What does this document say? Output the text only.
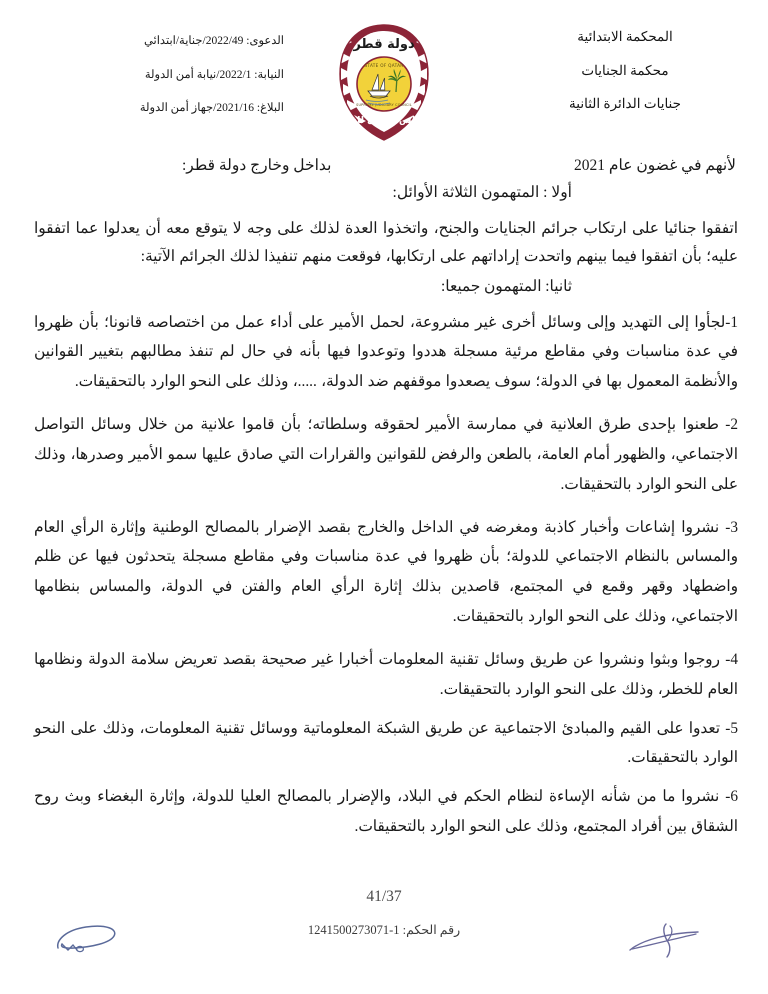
المحكمة الابتدائية
محكمة الجنايات
جنايات الدائرة الثانية
دولة قطر
STATE OF QATAR
SUPREME JUDICIARY COUNCIL
المجلس الأعلى للقضاء
الدعوى: 2022/49/جناية/ابتدائي
النيابة: 2022/1/نيابة أمن الدولة
البلاغ: 2021/16/جهاز أمن الدولة
لأنهم في غضون عام 2021
بداخل وخارج دولة قطر:
أولا : المتهمون الثلاثة الأوائل:
اتفقوا جنائيا على ارتكاب جرائم الجنايات والجنح، واتخذوا العدة لذلك على وجه لا يتوقع معه أن يعدلوا عما اتفقوا عليه؛ بأن اتفقوا فيما بينهم واتحدت إراداتهم على ارتكابها، فوقعت منهم تنفيذا لذلك الجرائم الآتية:
ثانيا: المتهمون جميعا:
1-لجأوا إلى التهديد وإلى وسائل أخرى غير مشروعة، لحمل الأمير على أداء عمل من اختصاصه قانونا؛ بأن ظهروا في عدة مناسبات وفي مقاطع مرئية مسجلة هددوا وتوعدوا فيها بأنه في حال لم تنفذ مطالبهم بتغيير القوانين والأنظمة المعمول بها في الدولة؛ سوف يصعدوا موقفهم ضد الدولة، .....، وذلك على النحو الوارد بالتحقيقات.
2- طعنوا بإحدى طرق العلانية في ممارسة الأمير لحقوقه وسلطاته؛ بأن قاموا علانية من خلال وسائل التواصل الاجتماعي، والظهور أمام العامة، بالطعن والرفض للقوانين والقرارات التي صادق عليها سمو الأمير وصدرها، وذلك على النحو الوارد بالتحقيقات.
3- نشروا إشاعات وأخبار كاذبة ومغرضه في الداخل والخارج بقصد الإضرار بالمصالح الوطنية وإثارة الرأي العام والمساس بالنظام الاجتماعي للدولة؛ بأن ظهروا في عدة مناسبات وفي مقاطع مسجلة يتحدثون فيها عن ظلم واضطهاد وقهر وقمع في المجتمع، قاصدين بذلك إثارة الرأي العام والفتن في الدولة، والمساس بنظامها الاجتماعي، وذلك على النحو الوارد بالتحقيقات.
4- روجوا وبثوا ونشروا عن طريق وسائل تقنية المعلومات أخبارا غير صحيحة بقصد تعريض سلامة الدولة ونظامها العام للخطر، وذلك على النحو الوارد بالتحقيقات.
5- تعدوا على القيم والمبادئ الاجتماعية عن طريق الشبكة المعلوماتية ووسائل تقنية المعلومات، وذلك على النحو الوارد بالتحقيقات.
6- نشروا ما من شأنه الإساءة لنظام الحكم في البلاد، والإضرار بالمصالح العليا للدولة، وإثارة البغضاء وبث روح الشقاق بين أفراد المجتمع، وذلك على النحو الوارد بالتحقيقات.
41/37
رقم الحكم: 1-1241500273071
